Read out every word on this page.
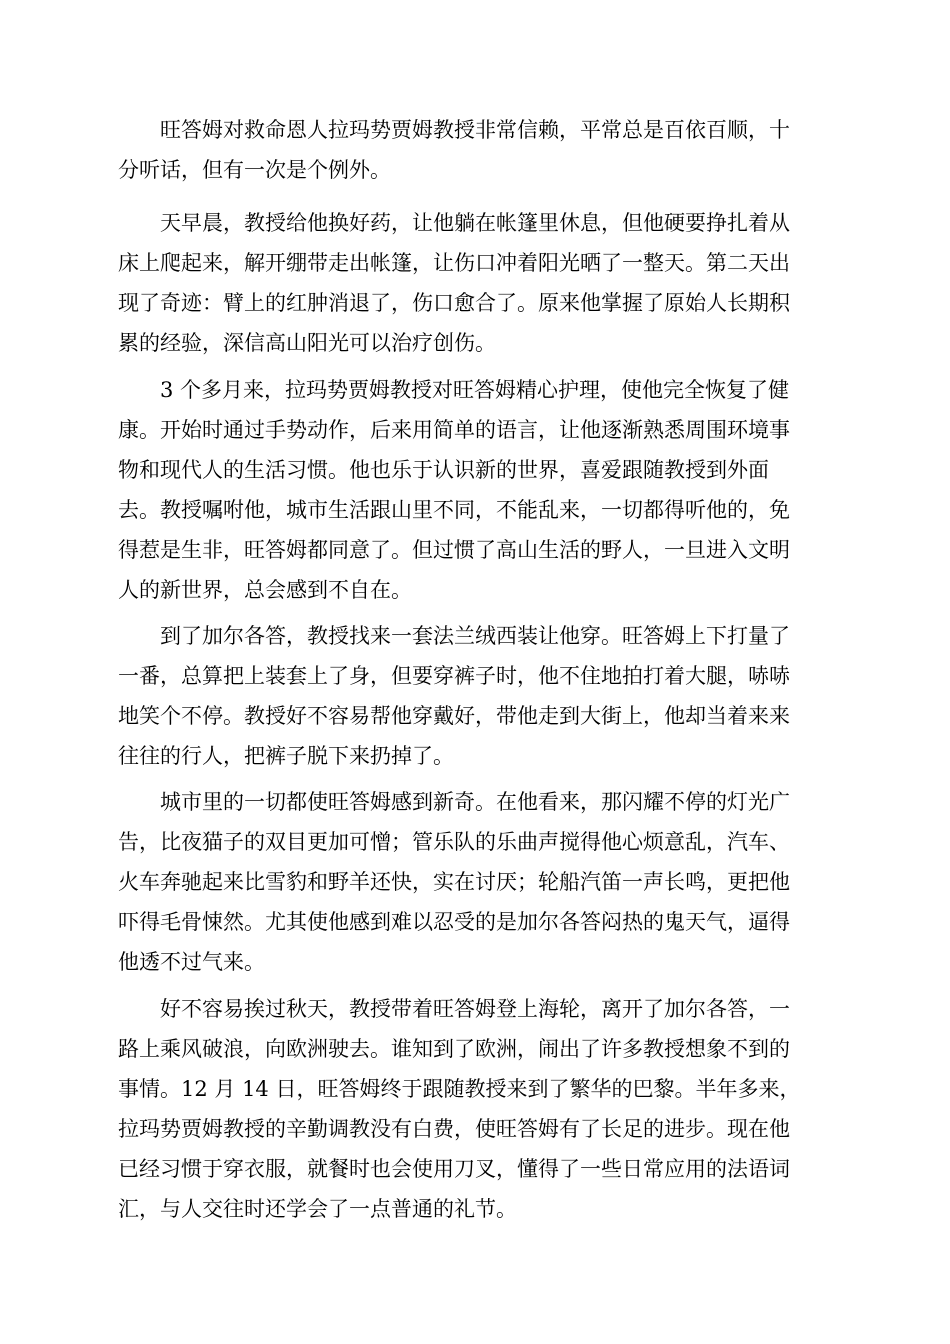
旺答姆对救命恩人拉玛势贾姆教授非常信赖，平常总是百依百顺，十
分听话，但有一次是个例外。
天早晨，教授给他换好药，让他躺在帐篷里休息，但他硬要挣扎着从
床上爬起来，解开绷带走出帐篷，让伤口冲着阳光晒了一整天。第二天出
现了奇迹：臂上的红肿消退了，伤口愈合了。原来他掌握了原始人长期积
累的经验，深信高山阳光可以治疗创伤。
3 个多月来，拉玛势贾姆教授对旺答姆精心护理，使他完全恢复了健
康。开始时通过手势动作，后来用简单的语言，让他逐渐熟悉周围环境事
物和现代人的生活习惯。他也乐于认识新的世界，喜爱跟随教授到外面
去。教授嘱咐他，城市生活跟山里不同，不能乱来，一切都得听他的，免
得惹是生非，旺答姆都同意了。但过惯了高山生活的野人，一旦进入文明
人的新世界，总会感到不自在。
到了加尔各答，教授找来一套法兰绒西装让他穿。旺答姆上下打量了
一番，总算把上装套上了身，但要穿裤子时，他不住地拍打着大腿，哧哧
地笑个不停。教授好不容易帮他穿戴好，带他走到大街上，他却当着来来
往往的行人，把裤子脱下来扔掉了。
城市里的一切都使旺答姆感到新奇。在他看来，那闪耀不停的灯光广
告，比夜猫子的双目更加可憎；管乐队的乐曲声搅得他心烦意乱，汽车、
火车奔驰起来比雪豹和野羊还快，实在讨厌；轮船汽笛一声长鸣，更把他
吓得毛骨悚然。尤其使他感到难以忍受的是加尔各答闷热的鬼天气，逼得
他透不过气来。
好不容易挨过秋天，教授带着旺答姆登上海轮，离开了加尔各答，一
路上乘风破浪，向欧洲驶去。谁知到了欧洲，闹出了许多教授想象不到的
事情。12 月 14 日，旺答姆终于跟随教授来到了繁华的巴黎。半年多来，
拉玛势贾姆教授的辛勤调教没有白费，使旺答姆有了长足的进步。现在他
已经习惯于穿衣服，就餐时也会使用刀叉，懂得了一些日常应用的法语词
汇，与人交往时还学会了一点普通的礼节。
